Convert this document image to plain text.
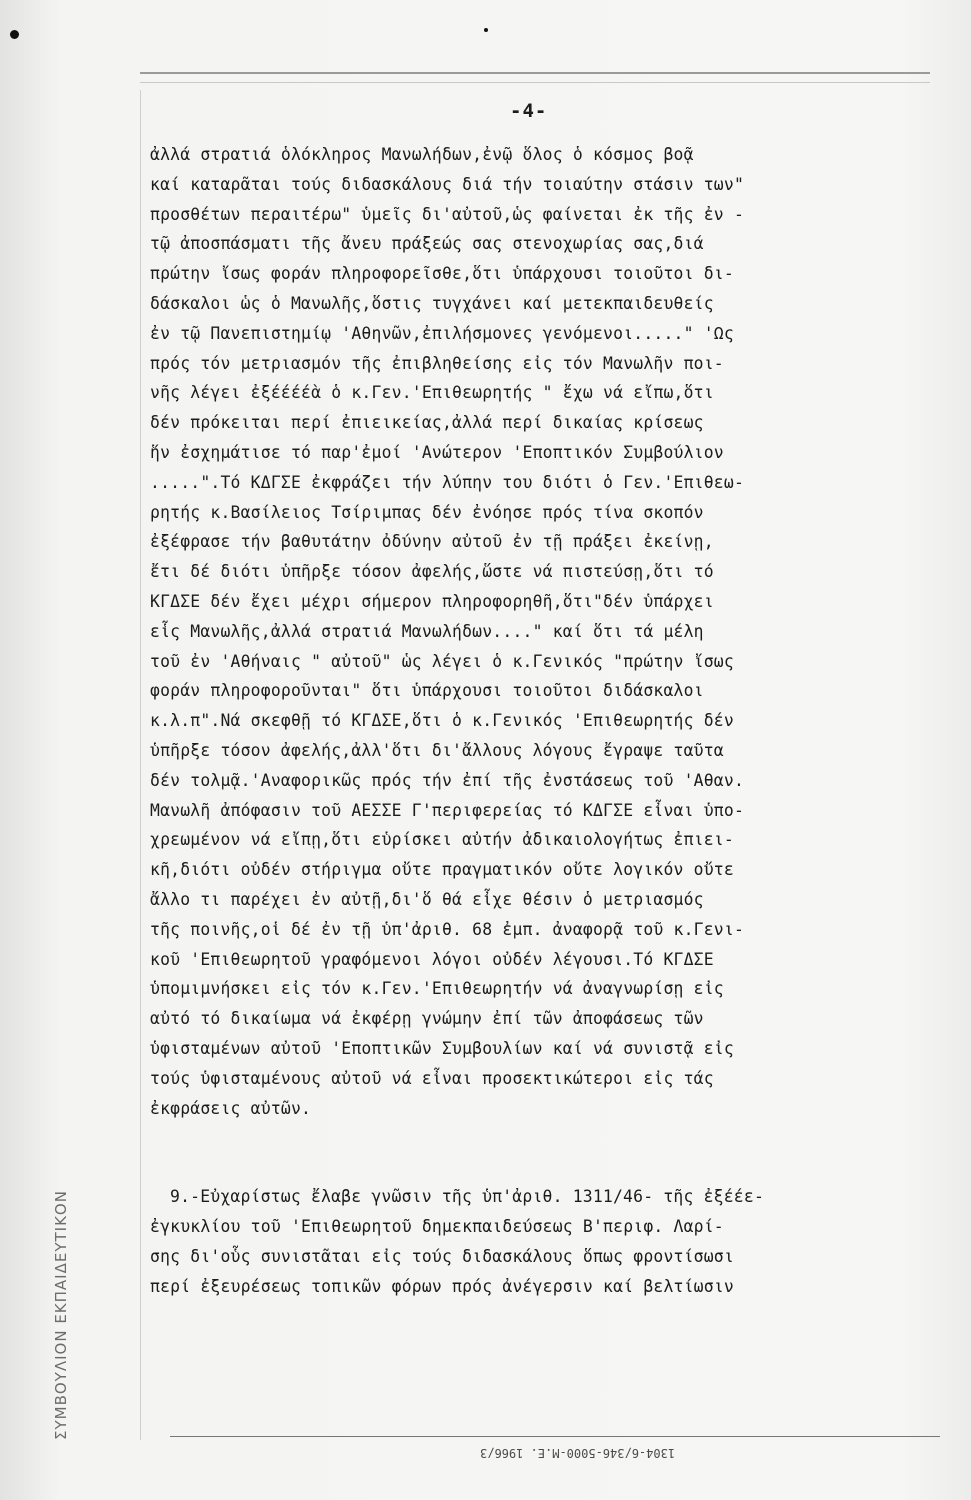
-4-
ἀλλά στρατιά ὁλόκληρος Μανωλήδων,ἐνῷ ὅλος ὁ κόσμος βοᾷ
καί καταρᾶται τούς διδασκάλους διά τήν τοιαύτην στάσιν των"
προσθέτων περαιτέρω" ὑμεῖς δι'αὐτοῦ,ὡς φαίνεται ἐκ τῆς ἐν -
τῷ ἀποσπάσματι τῆς ἄνευ πράξεώς σας στενοχωρίας σας,διά
πρώτην ἴσως φοράν πληροφορεῖσθε,ὅτι ὑπάρχουσι τοιοῦτοι δι-
δάσκαλοι ὡς ὁ Μανωλῆς,ὅστις τυγχάνει καί μετεκπαιδευθείς
ἐν τῷ Πανεπιστημίῳ 'Αθηνῶν,ἐπιλήσμονες γενόμενοι....." 'Ως
πρός τόν μετριασμόν τῆς ἐπιβληθείσης εἰς τόν Μανωλῆν ποι-
νῆς λέγει ἐξέέέέὰ ὁ κ.Γεν.'Επιθεωρητής " ἔχω νά εἴπω,ὅτι
δέν πρόκειται περί ἐπιεικείας,ἀλλά περί δικαίας κρίσεως
ἥν ἐσχημάτισε τό παρ'ἐμοί 'Ανώτερον 'Εποπτικόν Συμβούλιον
.....".Τό ΚΔΓΣΕ ἐκφράζει τήν λύπην του διότι ὁ Γεν.'Επιθεω-
ρητής κ.Βασίλειος Τσίριμπας δέν ἐνόησε πρός τίνα σκοπόν
ἐξέφρασε τήν βαθυτάτην ὀδύνην αὐτοῦ ἐν τῇ πράξει ἐκείνῃ,
ἔτι δέ διότι ὑπῆρξε τόσον ἀφελής,ὥστε νά πιστεύσῃ,ὅτι τό
ΚΓΔΣΕ δέν ἔχει μέχρι σήμερον πληροφορηθῆ,ὅτι"δέν ὑπάρχει
εἷς Μανωλῆς,ἀλλά στρατιά Μανωλήδων...." καί ὅτι τά μέλη
τοῦ ἐν 'Αθήναις " αὐτοῦ" ὡς λέγει ὁ κ.Γενικός "πρώτην ἴσως
φοράν πληροφοροῦνται" ὅτι ὑπάρχουσι τοιοῦτοι διδάσκαλοι
κ.λ.π".Νά σκεφθῇ τό ΚΓΔΣΕ,ὅτι ὁ κ.Γενικός 'Επιθεωρητής δέν
ὑπῆρξε τόσον ἀφελής,ἀλλ'ὅτι δι'ἄλλους λόγους ἔγραψε ταῦτα
δέν τολμᾷ.'Αναφορικῶς πρός τήν ἐπί τῆς ἐνστάσεως τοῦ 'Αθαν.
Μανωλῆ ἀπόφασιν τοῦ ΑΕΣΣΕ Γ'περιφερείας τό ΚΔΓΣΕ εἶναι ὑπο-
χρεωμένον νά εἴπῃ,ὅτι εὑρίσκει αὐτήν ἀδικαιολογήτως ἐπιει-
κῆ,διότι οὐδέν στήριγμα οὔτε πραγματικόν οὔτε λογικόν οὔτε
ἄλλο τι παρέχει ἐν αὐτῇ,δι'ὅ θά εἶχε θέσιν ὁ μετριασμός
τῆς ποινῆς,οἱ δέ ἐν τῇ ὑπ'ἀριθ. 68 ἐμπ. ἀναφορᾷ τοῦ κ.Γενι-
κοῦ 'Επιθεωρητοῦ γραφόμενοι λόγοι οὐδέν λέγουσι.Τό ΚΓΔΣΕ
ὑπομιμνήσκει εἰς τόν κ.Γεν.'Επιθεωρητήν νά ἀναγνωρίσῃ εἰς
αὐτό τό δικαίωμα νά ἐκφέρῃ γνώμην ἐπί τῶν ἀποφάσεως τῶν
ὑφισταμένων αὐτοῦ 'Εποπτικῶν Συμβουλίων καί νά συνιστᾷ εἰς
τούς ὑφισταμένους αὐτοῦ νά εἶναι προσεκτικώτεροι εἰς τάς
ἐκφράσεις αὐτῶν.
9.-Εὐχαρίστως ἔλαβε γνῶσιν τῆς ὑπ'ἀριθ. 1311/46- τῆς ἐξέέε-
ἐγκυκλίου τοῦ 'Επιθεωρητοῦ δημεκπαιδεύσεως Β'περιφ. Λαρί-
σης δι'οὗς συνιστᾶται εἰς τούς διδασκάλους ὅπως φροντίσωσι
περί ἐξευρέσεως τοπικῶν φόρων πρός ἀνέγερσιν καί βελτίωσιν
ΣΥΜΒΟΥΛΙΟΝ ΕΚΠΑΙΔΕΥΤΙΚΟΝ
1304-6/346-5000-Μ.Ε. 1966/3
